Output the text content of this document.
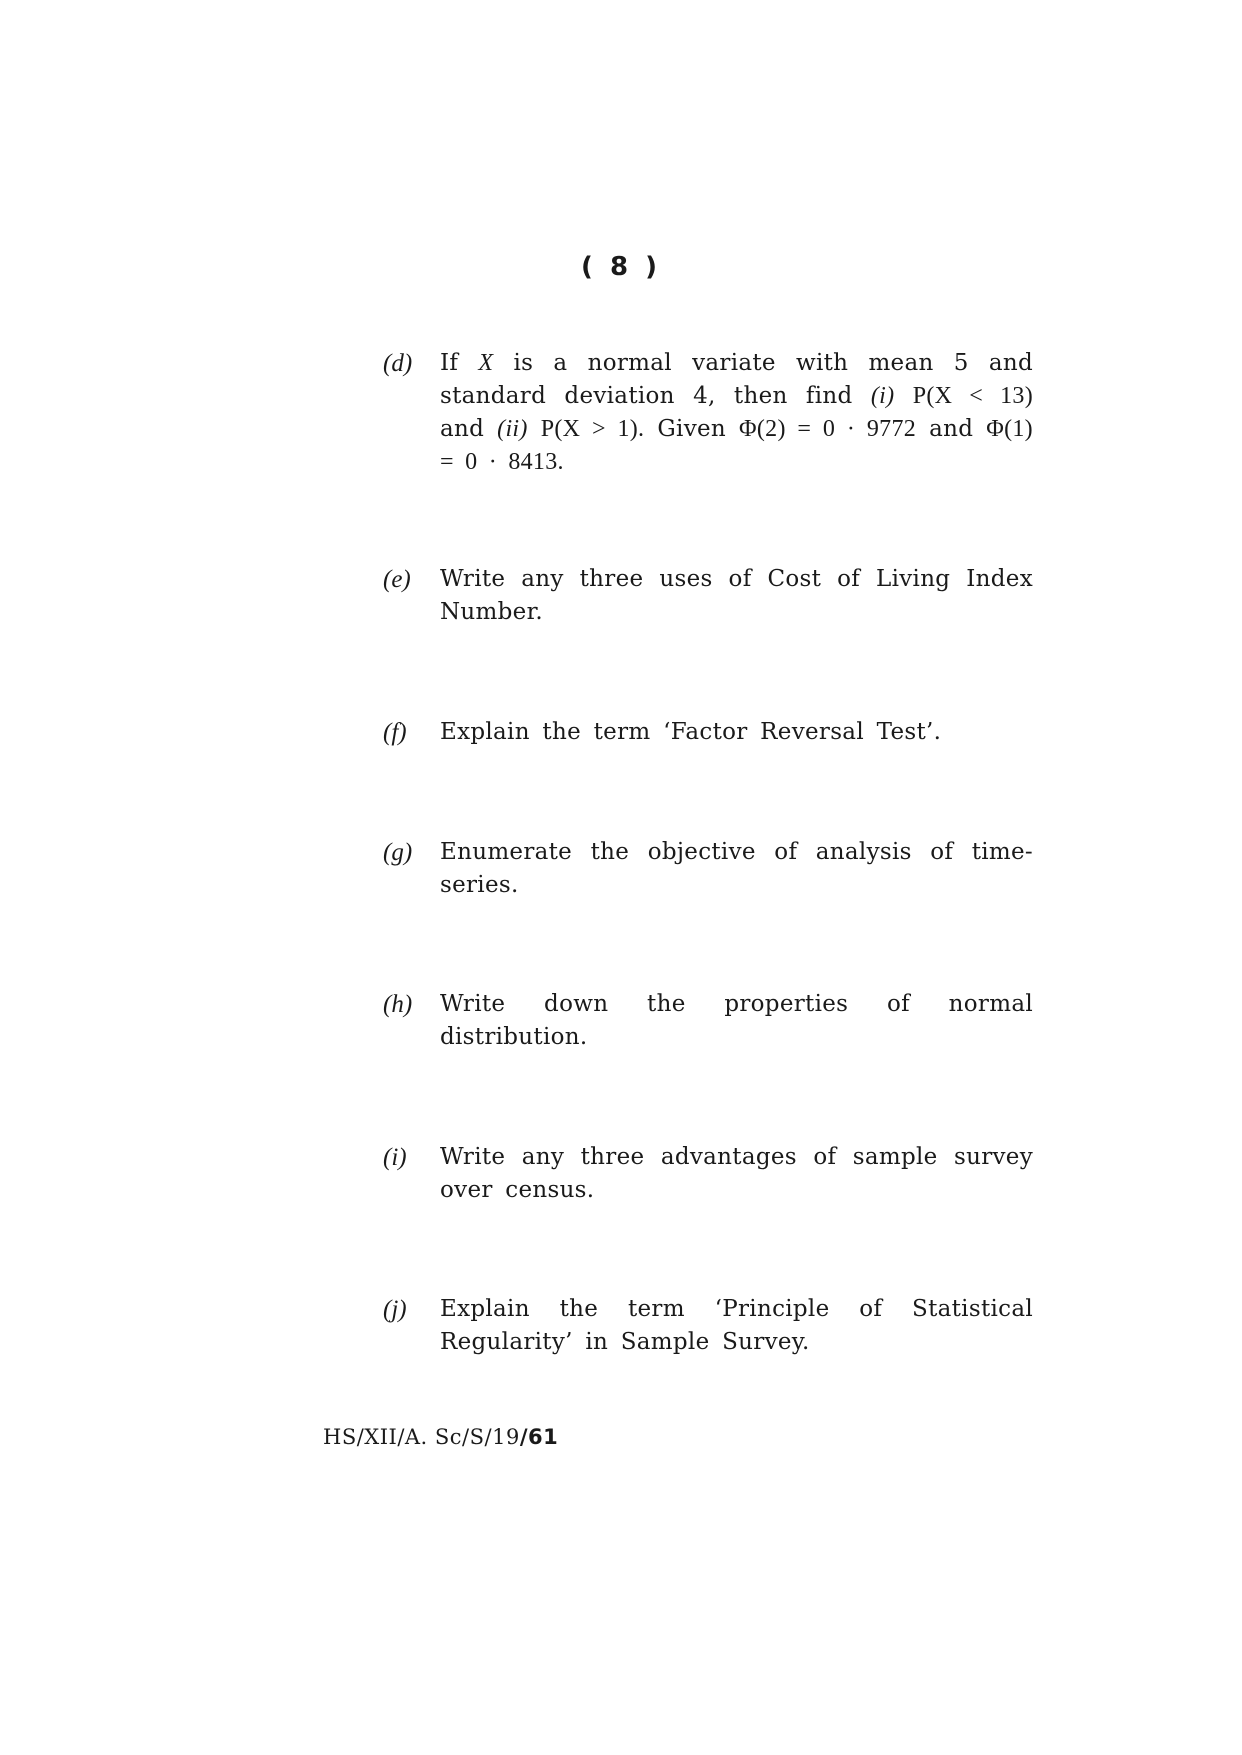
( 8 )
(d) If X is a normal variate with mean 5 and standard deviation 4, then find (i) P(X < 13) and (ii) P(X > 1). Given Φ(2) = 0 · 9772 and Φ(1) = 0 · 8413.
(e) Write any three uses of Cost of Living Index Number.
(f) Explain the term ‘Factor Reversal Test’.
(g) Enumerate the objective of analysis of time-series.
(h) Write down the properties of normal distribution.
(i) Write any three advantages of sample survey over census.
(j) Explain the term ‘Principle of Statistical Regularity’ in Sample Survey.
HS/XII/A. Sc/S/19/61
